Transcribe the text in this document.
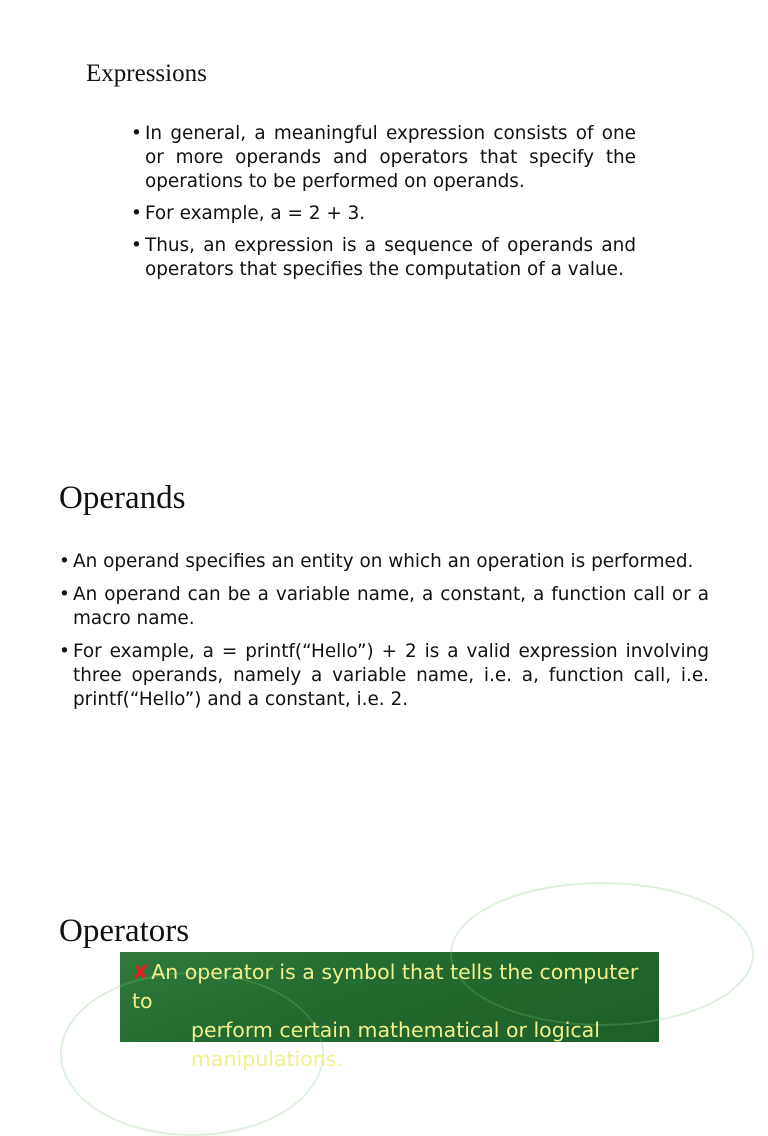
Expressions
• In general, a meaningful expression consists of one or more operands and operators that specify the operations to be performed on operands.
• For example, a = 2 + 3.
• Thus, an expression is a sequence of operands and operators that specifies the computation of a value.
Operands
• An operand specifies an entity on which an operation is performed.
• An operand can be a variable name, a constant, a function call or a macro name.
• For example, a = printf(“Hello”) + 2 is a valid expression involving three operands, namely a variable name, i.e. a, function call, i.e. printf(“Hello”) and a constant, i.e. 2.
Operators
✘An operator is a symbol that tells the computer to
perform certain mathematical or logical
manipulations.
